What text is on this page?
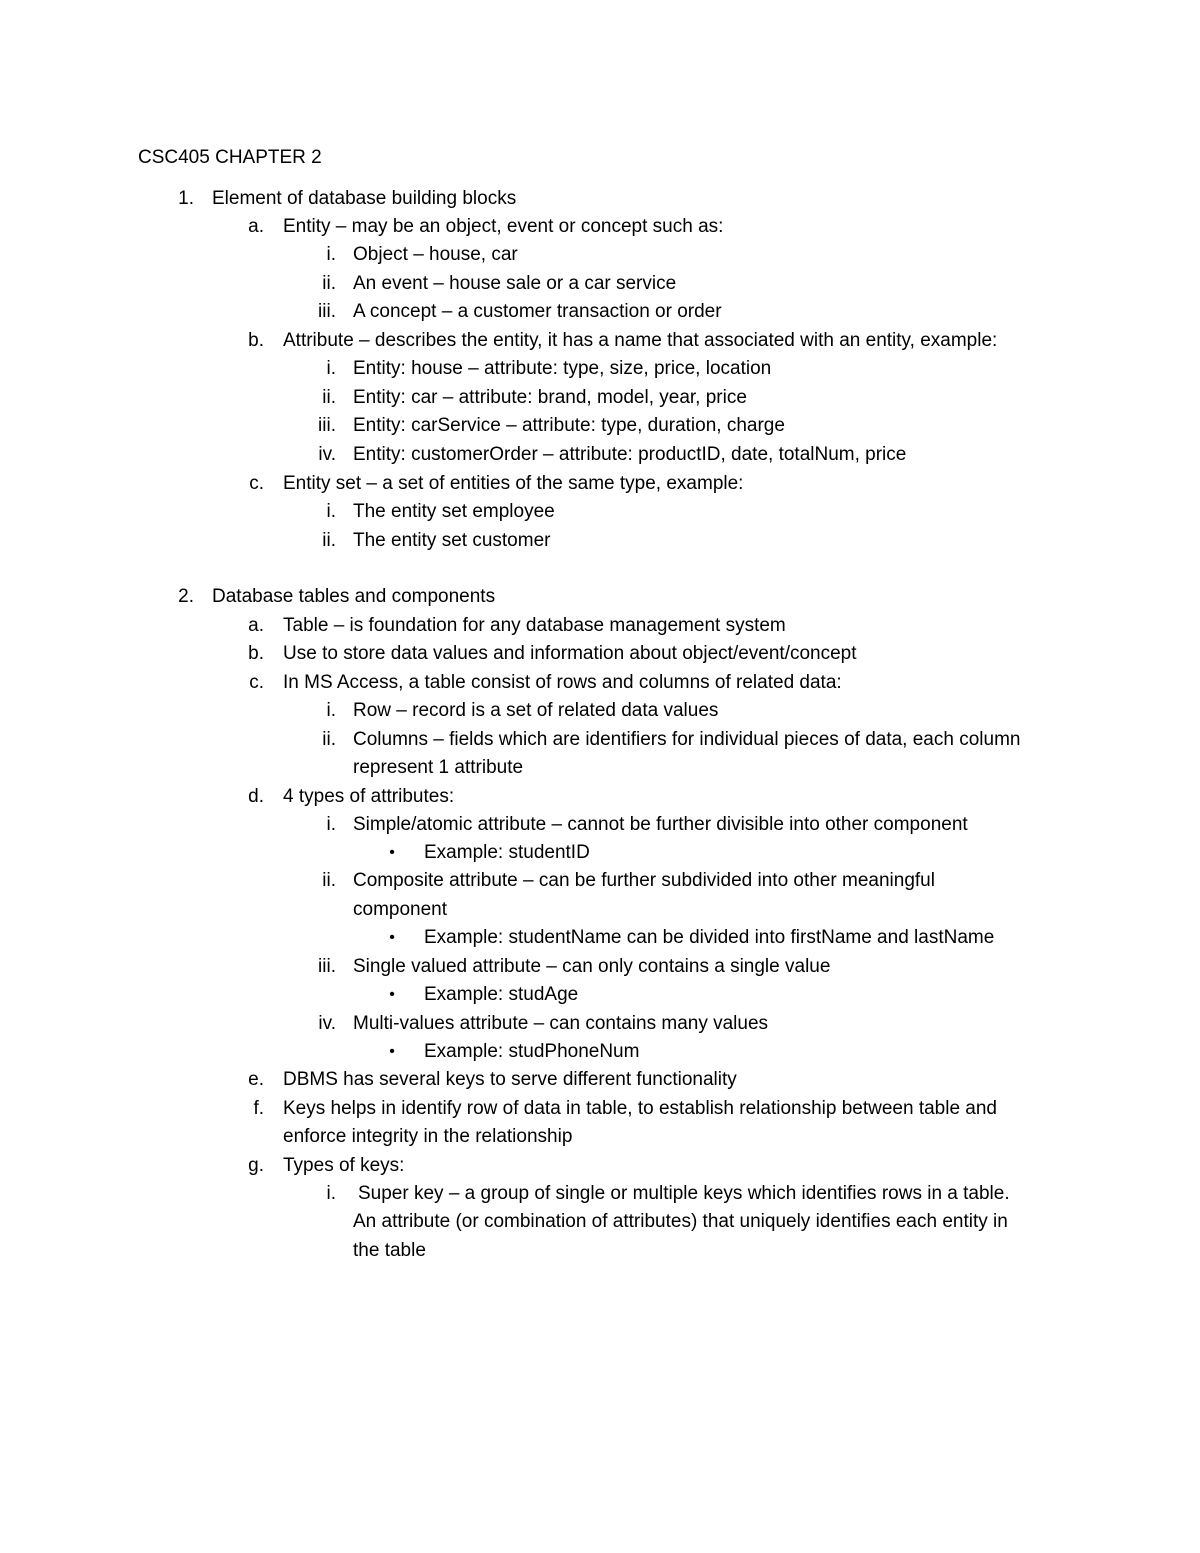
CSC405 CHAPTER 2
1. Element of database building blocks
a. Entity – may be an object, event or concept such as:
i. Object – house, car
ii. An event – house sale or a car service
iii. A concept – a customer transaction or order
b. Attribute – describes the entity, it has a name that associated with an entity, example:
i. Entity: house – attribute: type, size, price, location
ii. Entity: car – attribute: brand, model, year, price
iii. Entity: carService – attribute: type, duration, charge
iv. Entity: customerOrder – attribute: productID, date, totalNum, price
c. Entity set – a set of entities of the same type, example:
i. The entity set employee
ii. The entity set customer
2. Database tables and components
a. Table – is foundation for any database management system
b. Use to store data values and information about object/event/concept
c. In MS Access, a table consist of rows and columns of related data:
i. Row – record is a set of related data values
ii. Columns – fields which are identifiers for individual pieces of data, each column
represent 1 attribute
d. 4 types of attributes:
i. Simple/atomic attribute – cannot be further divisible into other component
•	Example: studentID
ii. Composite attribute – can be further subdivided into other meaningful
component
•	Example: studentName can be divided into firstName and lastName
iii. Single valued attribute – can only contains a single value
•	Example: studAge
iv. Multi-values attribute – can contains many values
•	Example: studPhoneNum
e. DBMS has several keys to serve different functionality
f. Keys helps in identify row of data in table, to establish relationship between table and
enforce integrity in the relationship
g. Types of keys:
i. Super key – a group of single or multiple keys which identifies rows in a table.
An attribute (or combination of attributes) that uniquely identifies each entity in
the table
